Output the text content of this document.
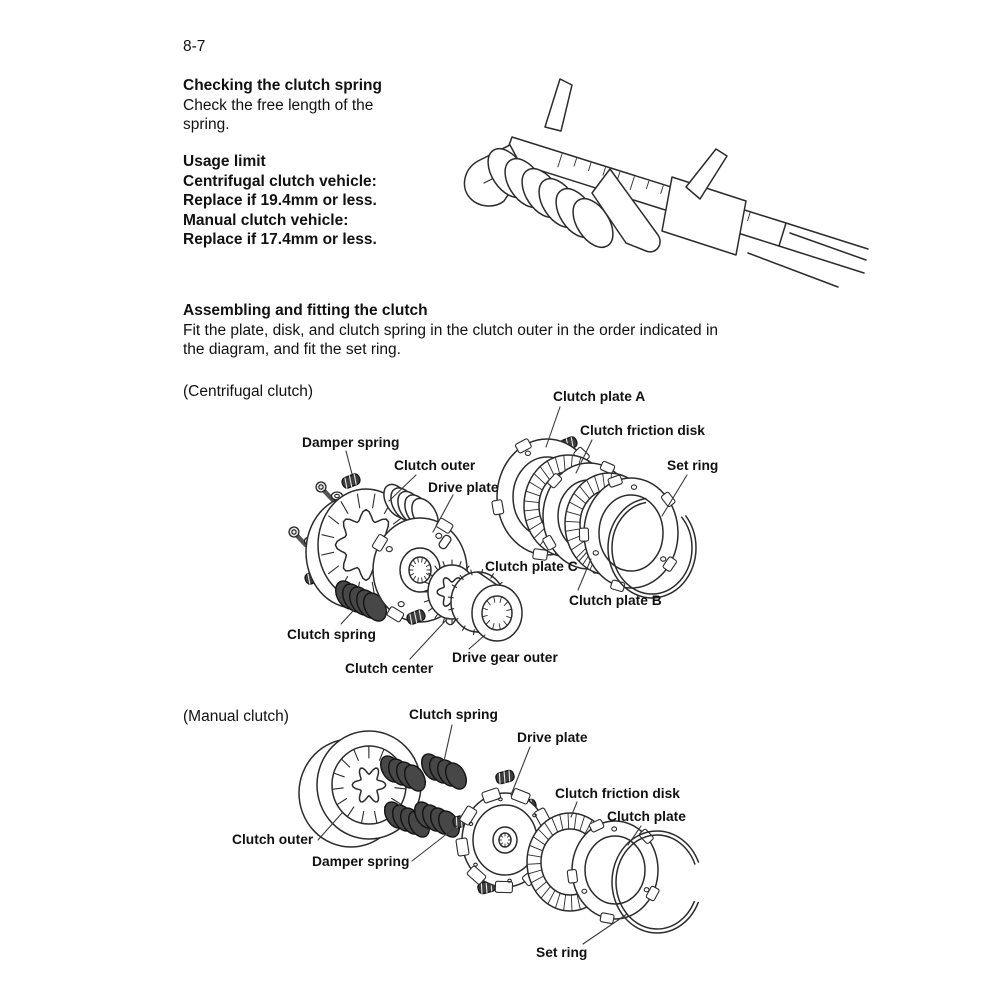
8-7
Checking the clutch spring
Check the free length of the
spring.
Usage limit
Centrifugal clutch vehicle:
Replace if 19.4mm or less.
Manual clutch vehicle:
Replace if 17.4mm or less.
Assembling and fitting the clutch
Fit the plate, disk, and clutch spring in the clutch outer in the order indicated in
the diagram, and fit the set ring.
(Centrifugal clutch)
(Manual clutch)
Clutch plate A
Clutch friction disk
Damper spring
Clutch outer	Set ring
Drive plate
Clutch plate C
Clutch plate B
Clutch spring
Clutch center
Drive gear outer
Clutch spring
Drive plate
Clutch friction disk
Clutch plate
Clutch outer
Damper spring
Set ring
